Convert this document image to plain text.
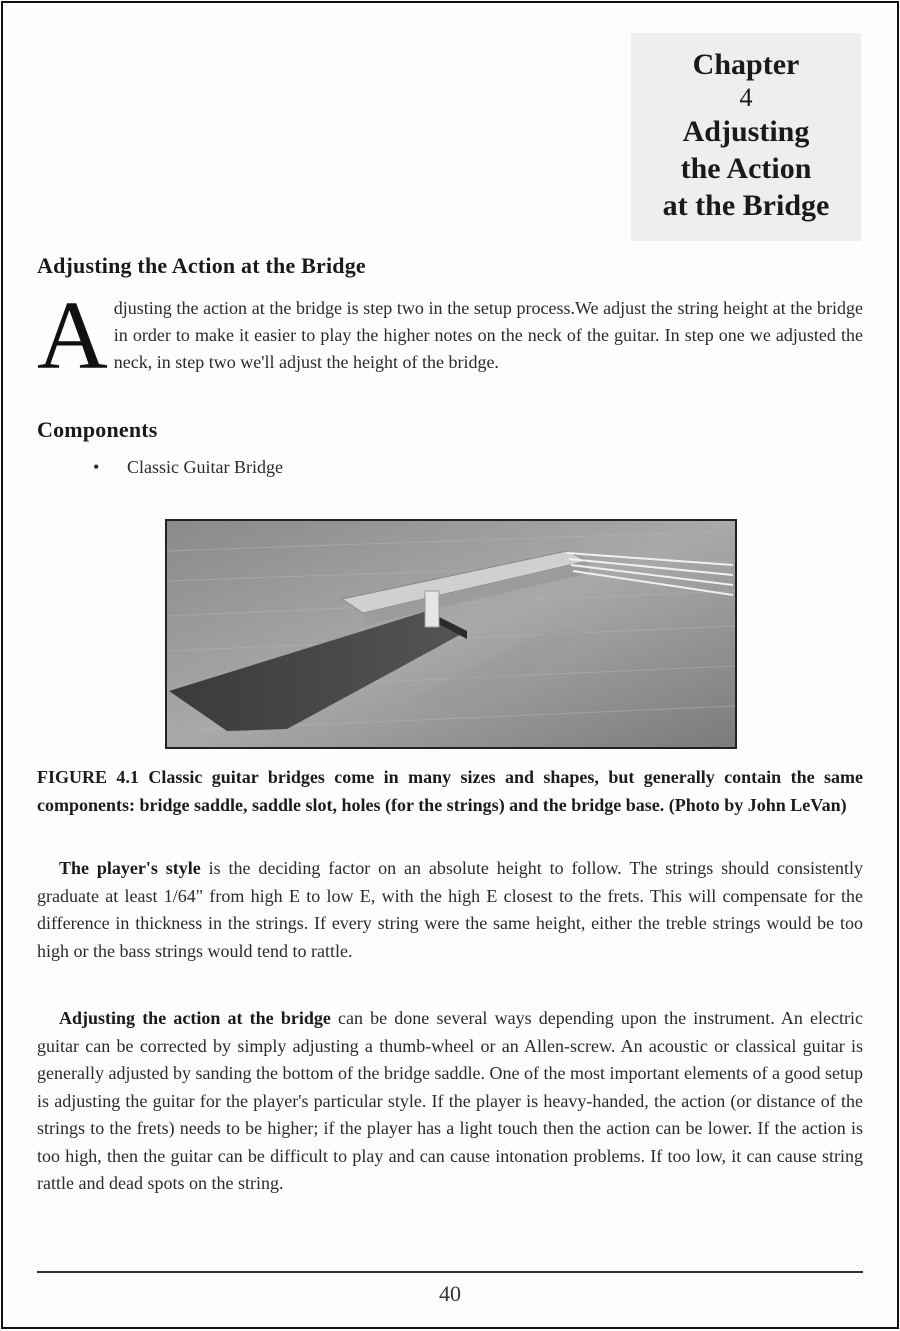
Chapter
4
Adjusting
the Action
at the Bridge
Adjusting the Action at the Bridge
A djusting the action at the bridge is step two in the setup process.We adjust the string height at the bridge in order to make it easier to play the higher notes on the neck of the guitar. In step one we adjusted the neck, in step two we'll adjust the height of the bridge.
Components
• Classic Guitar Bridge
FIGURE 4.1 Classic guitar bridges come in many sizes and shapes, but generally contain the same components: bridge saddle, saddle slot, holes (for the strings) and the bridge base. (Photo by John LeVan)
The player's style is the deciding factor on an absolute height to follow. The strings should consistently graduate at least 1/64" from high E to low E, with the high E closest to the frets. This will compensate for the difference in thickness in the strings. If every string were the same height, either the treble strings would be too high or the bass strings would tend to rattle.
Adjusting the action at the bridge can be done several ways depending upon the instrument. An electric guitar can be corrected by simply adjusting a thumb-wheel or an Allen-screw. An acoustic or classical guitar is generally adjusted by sanding the bottom of the bridge saddle. One of the most important elements of a good setup is adjusting the guitar for the player's particular style. If the player is heavy-handed, the action (or distance of the strings to the frets) needs to be higher; if the player has a light touch then the action can be lower. If the action is too high, then the guitar can be difficult to play and can cause intonation problems. If too low, it can cause string rattle and dead spots on the string.
40
